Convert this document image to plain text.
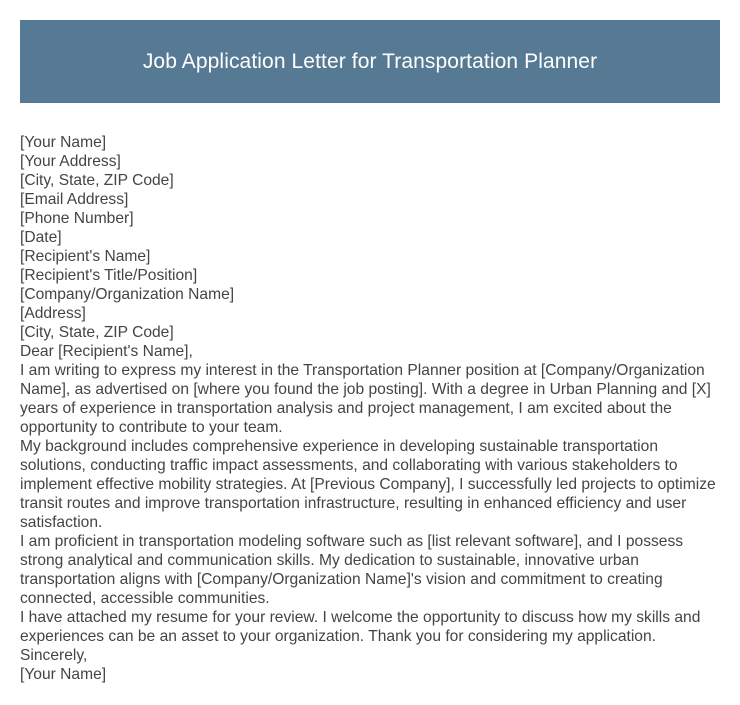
Job Application Letter for Transportation Planner

[Your Name]

[Your Address]

[City, State, ZIP Code]

[Email Address]

[Phone Number]

[Date]

[Recipient's Name]

[Recipient's Title/Position]

[Company/Organization Name]

[Address]

[City, State, ZIP Code]

Dear [Recipient's Name],

I am writing to express my interest in the Transportation Planner position at [Company/Organization Name], as advertised on [where you found the job posting]. With a degree in Urban Planning and [X] years of experience in transportation analysis and project management, I am excited about the opportunity to contribute to your team.

My background includes comprehensive experience in developing sustainable transportation solutions, conducting traffic impact assessments, and collaborating with various stakeholders to implement effective mobility strategies. At [Previous Company], I successfully led projects to optimize transit routes and improve transportation infrastructure, resulting in enhanced efficiency and user satisfaction.

I am proficient in transportation modeling software such as [list relevant software], and I possess strong analytical and communication skills. My dedication to sustainable, innovative urban transportation aligns with [Company/Organization Name]'s vision and commitment to creating connected, accessible communities.

I have attached my resume for your review. I welcome the opportunity to discuss how my skills and experiences can be an asset to your organization. Thank you for considering my application.

Sincerely,

[Your Name]
